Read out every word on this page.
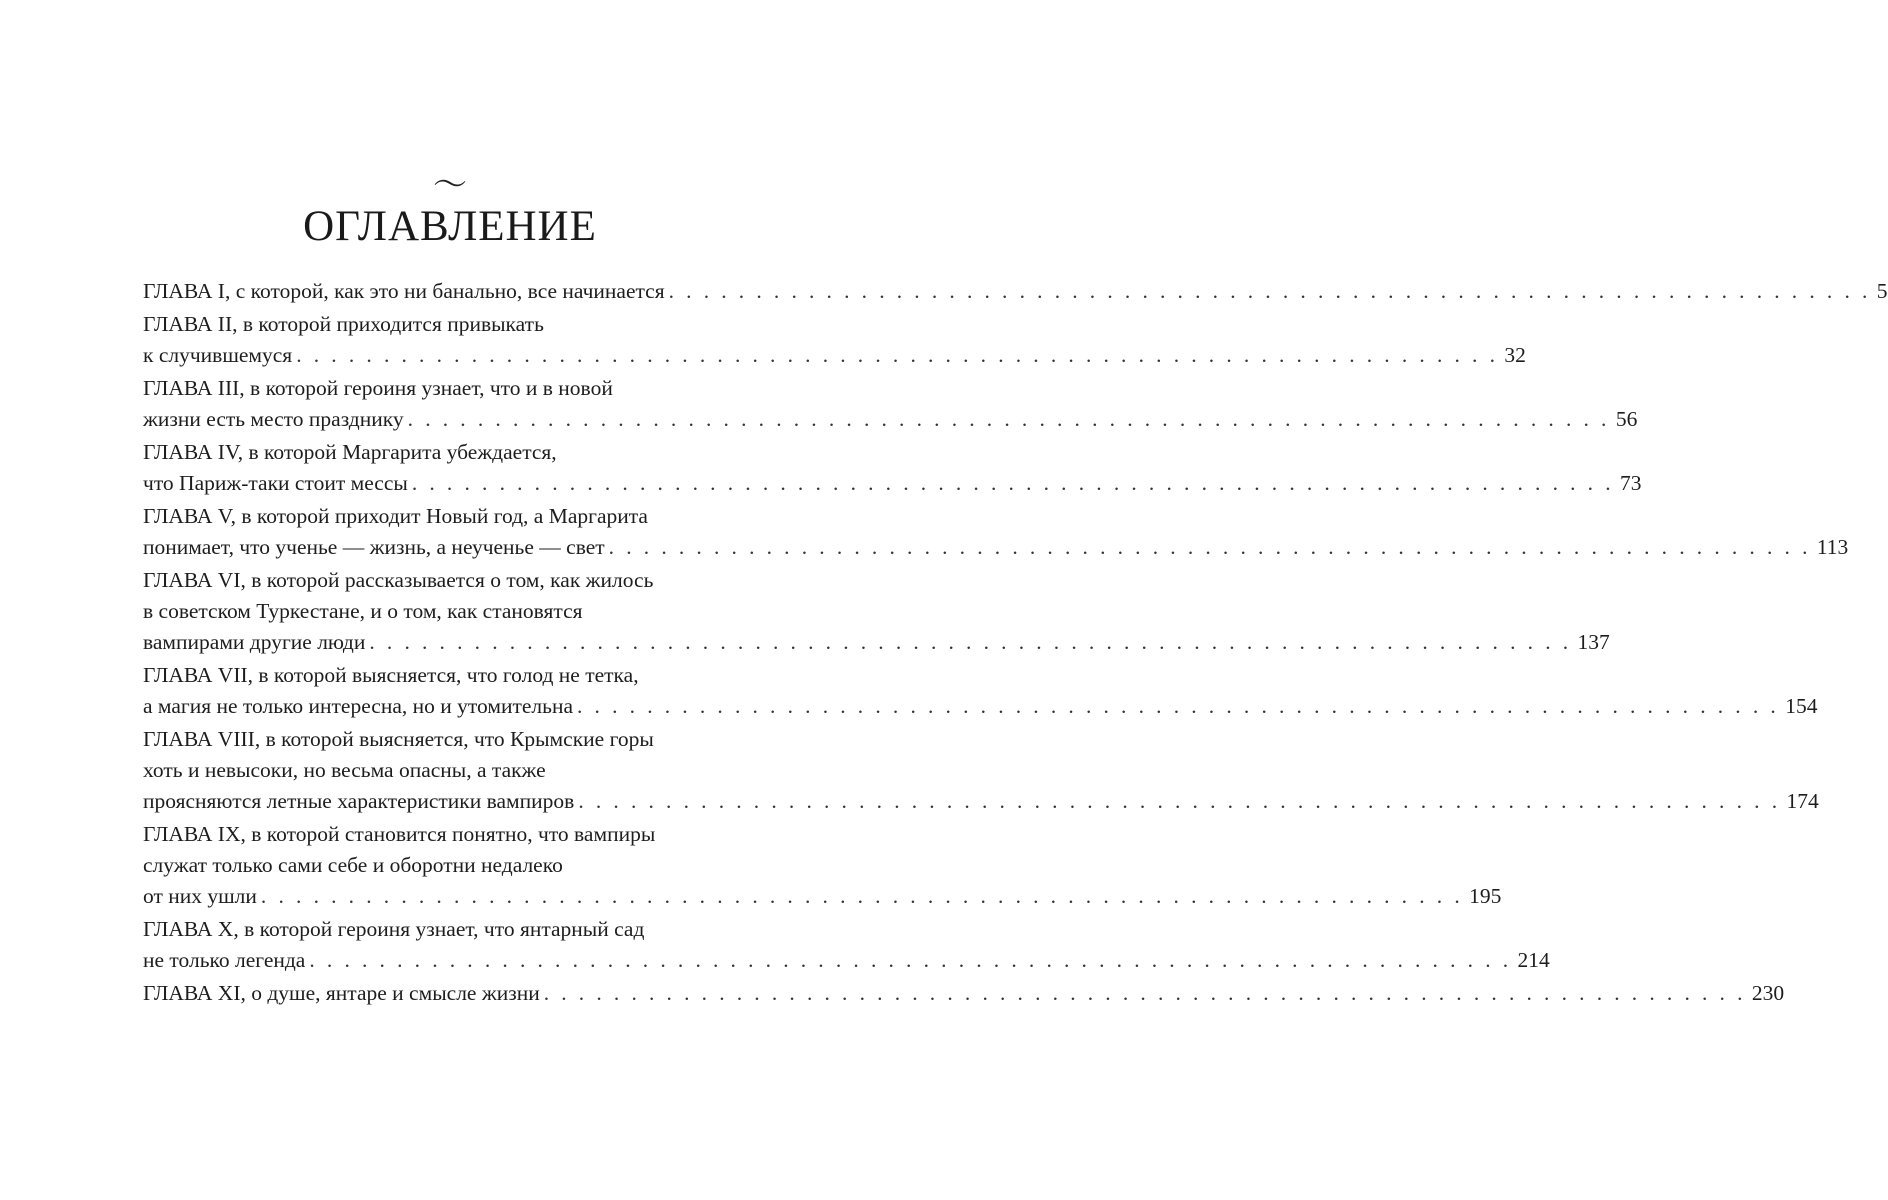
〜
ОГЛАВЛЕНИЕ
ГЛАВА I, с которой, как это ни банально, все начинается . . . . . . . . . . . . . . . . . . . . . . . . . . . . . . . . . . . . . . . . . . . . . . . . . . . . . . . . . . . . . . . . . . . . . 5
ГЛАВА II, в которой приходится привыкать
к случившемуся . . . . . . . . . . . . . . . . . . . . . . . . . . . . . . . . . . . . . . . . . . . . . . . . . . . . . . . . . . . . . . . . . . . . . 32
ГЛАВА III, в которой героиня узнает, что и в новой
жизни есть место празднику . . . . . . . . . . . . . . . . . . . . . . . . . . . . . . . . . . . . . . . . . . . . . . . . . . . . . . . . . . . . . . . . . . . . . 56
ГЛАВА IV, в которой Маргарита убеждается,
что Париж-таки стоит мессы . . . . . . . . . . . . . . . . . . . . . . . . . . . . . . . . . . . . . . . . . . . . . . . . . . . . . . . . . . . . . . . . . . . . . 73
ГЛАВА V, в которой приходит Новый год, а Маргарита
понимает, что ученье — жизнь, а неученье — свет . . . . . . . . . . . . . . . . . . . . . . . . . . . . . . . . . . . . . . . . . . . . . . . . . . . . . . . . . . . . . . . . . . . . . 113
ГЛАВА VI, в которой рассказывается о том, как жилось
в советском Туркестане, и о том, как становятся
вампирами другие люди . . . . . . . . . . . . . . . . . . . . . . . . . . . . . . . . . . . . . . . . . . . . . . . . . . . . . . . . . . . . . . . . . . . . . 137
ГЛАВА VII, в которой выясняется, что голод не тетка,
а магия не только интересна, но и утомительна . . . . . . . . . . . . . . . . . . . . . . . . . . . . . . . . . . . . . . . . . . . . . . . . . . . . . . . . . . . . . . . . . . . . . 154
ГЛАВА VIII, в которой выясняется, что Крымские горы
хоть и невысоки, но весьма опасны, а также
проясняются летные характеристики вампиров . . . . . . . . . . . . . . . . . . . . . . . . . . . . . . . . . . . . . . . . . . . . . . . . . . . . . . . . . . . . . . . . . . . . . 174
ГЛАВА IX, в которой становится понятно, что вампиры
служат только сами себе и оборотни недалеко
от них ушли . . . . . . . . . . . . . . . . . . . . . . . . . . . . . . . . . . . . . . . . . . . . . . . . . . . . . . . . . . . . . . . . . . . . . 195
ГЛАВА X, в которой героиня узнает, что янтарный сад
не только легенда . . . . . . . . . . . . . . . . . . . . . . . . . . . . . . . . . . . . . . . . . . . . . . . . . . . . . . . . . . . . . . . . . . . . . 214
ГЛАВА XI, о душе, янтаре и смысле жизни . . . . . . . . . . . . . . . . . . . . . . . . . . . . . . . . . . . . . . . . . . . . . . . . . . . . . . . . . . . . . . . . . . . . . 230
